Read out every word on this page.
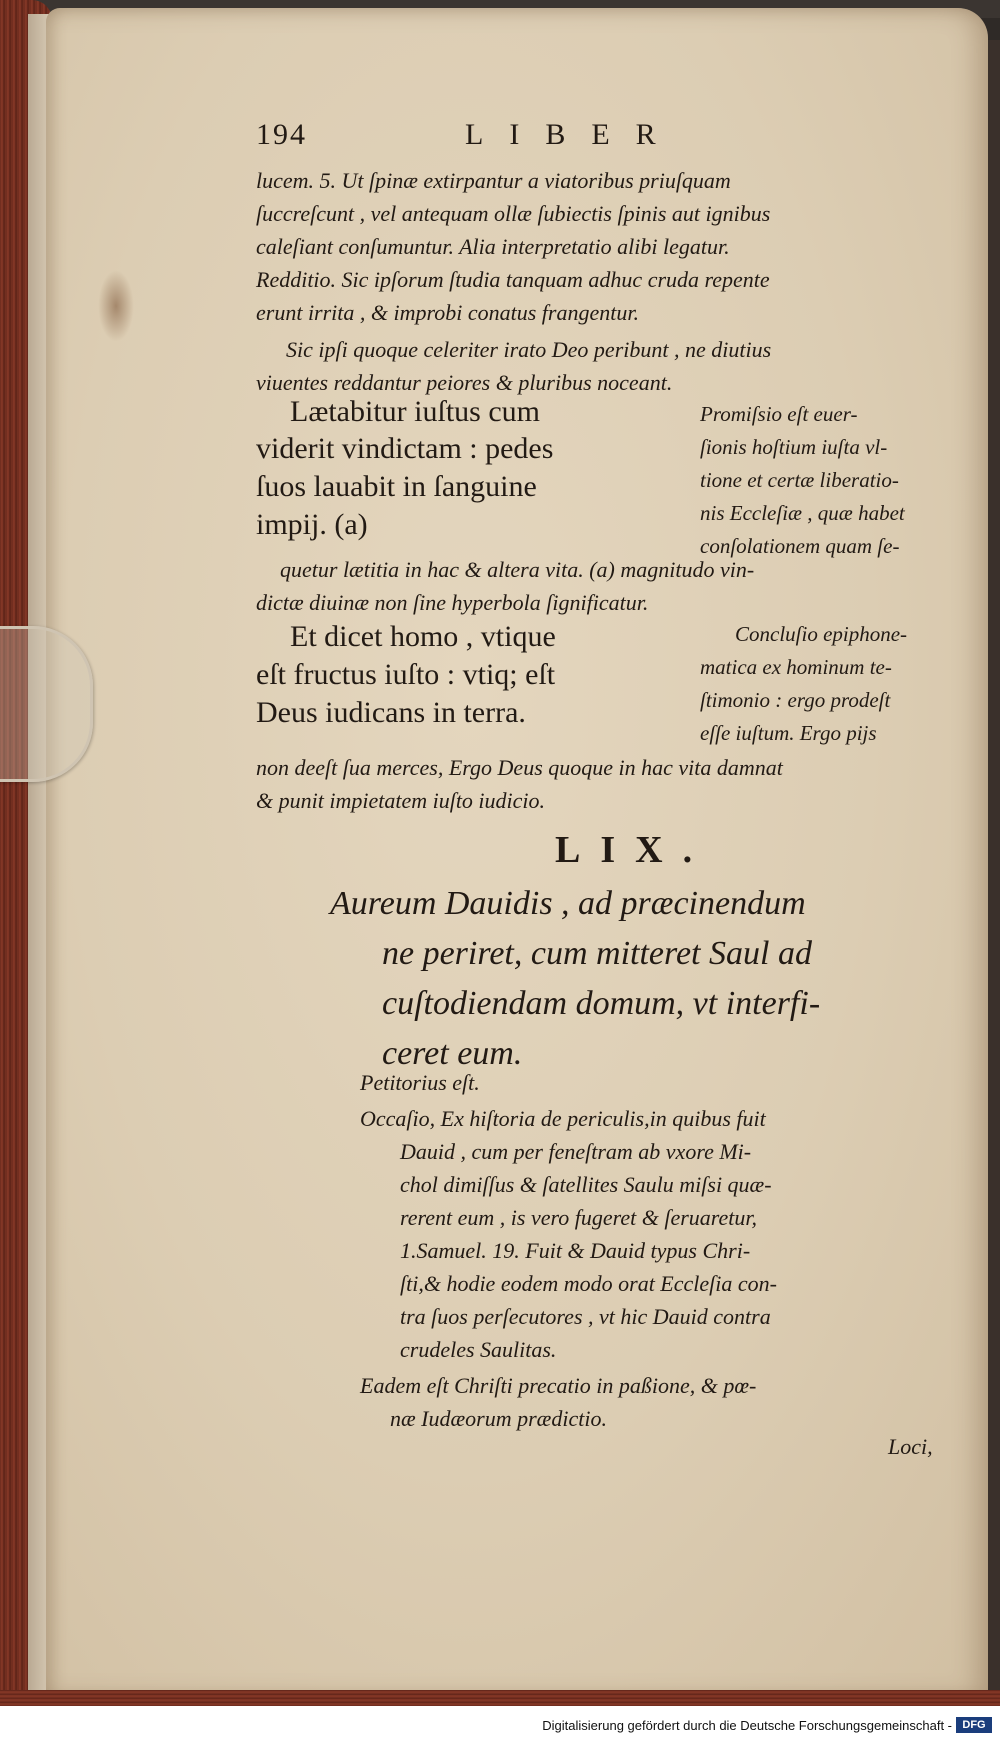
194	LIBER
lucem. 5. Ut ſpinæ extirpantur a viatoribus priuſquam
ſuccreſcunt , vel antequam ollæ ſubiectis ſpinis aut ignibus
caleſiant conſumuntur. Alia interpretatio alibi legatur.
Redditio. Sic ipſorum ſtudia tanquam adhuc cruda repente
erunt irrita , & improbi conatus frangentur.
Sic ipſi quoque celeriter irato Deo peribunt , ne diutius
viuentes reddantur peiores & pluribus noceant.
Lætabitur iuſtus cum
viderit vindictam : pedes
ſuos lauabit in ſanguine
impij. (a)
Promiſsio eſt euer-
ſionis hoſtium iuſta vl-
tione et certæ liberatio-
nis Eccleſiæ , quæ habet
conſolationem quam ſe-
quetur lætitia in hac & altera vita. (a) magnitudo vin-
dictæ diuinæ non ſine hyperbola ſignificatur.
Et dicet homo , vtique
eſt fructus iuſto : vtiq; eſt
Deus iudicans in terra.
Concluſio epiphone-
matica ex hominum te-
ſtimonio : ergo prodeſt
eſſe iuſtum. Ergo pijs
non deeſt ſua merces, Ergo Deus quoque in hac vita damnat
& punit impietatem iuſto iudicio.
LIX.
Aureum Dauidis , ad præcinendum
ne periret, cum mitteret Saul ad
cuſtodiendam domum, vt interfi-
ceret eum.
Petitorius eſt.
Occaſio, Ex hiſtoria de periculis,in quibus fuit
Dauid , cum per feneſtram ab vxore Mi-
chol dimiſſus & ſatellites Saulu miſsi quæ-
rerent eum , is vero fugeret & ſeruaretur,
1.Samuel. 19. Fuit & Dauid typus Chri-
ſti,& hodie eodem modo orat Eccleſia con-
tra ſuos perſecutores , vt hic Dauid contra
crudeles Saulitas.
Eadem eſt Chriſti precatio in paßione, & pœ-
næ Iudæorum prædictio.
Loci,
Digitalisierung gefördert durch die Deutsche Forschungsgemeinschaft - DFG
